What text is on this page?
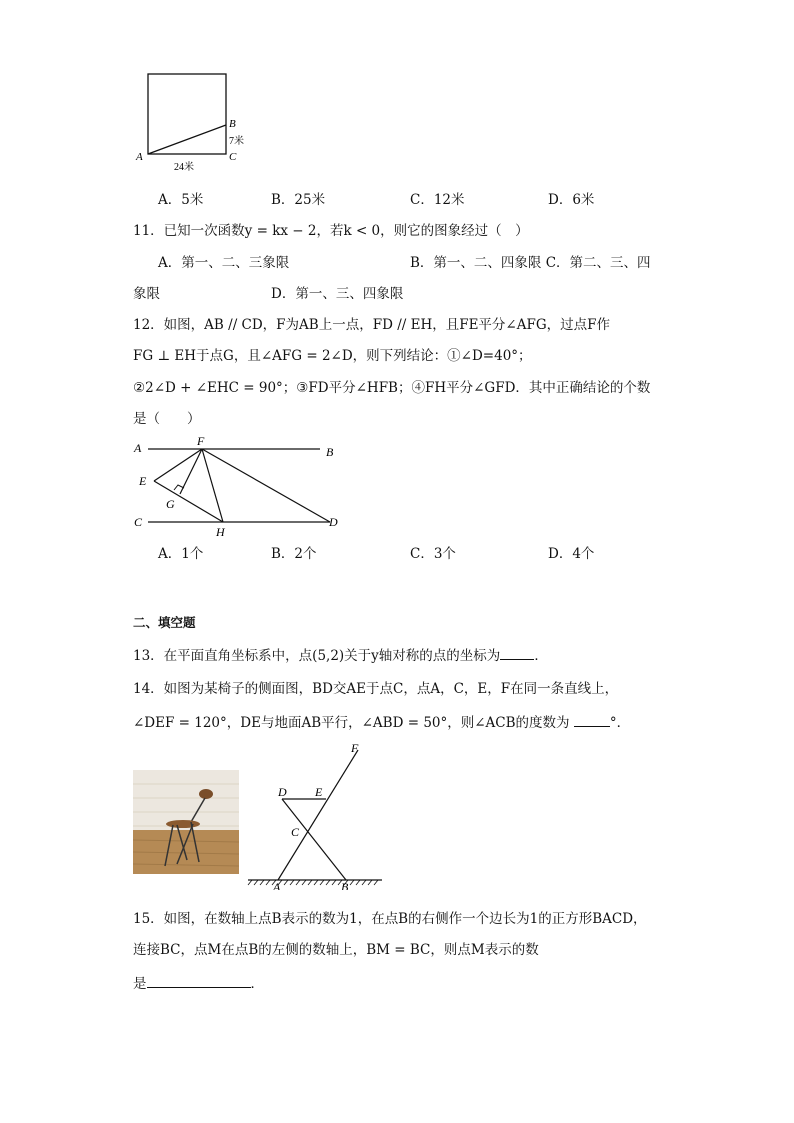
A
B
C
7米
24米
A．5米	B．25米	C．12米	D．6米
11．已知一次函数y = kx − 2，若k < 0，则它的图象经过（　）
A．第一、二、三象限	B．第一、二、四象限 C．第二、三、四
象限	D．第一、三、四象限
12．如图，AB // CD，F为AB上一点，FD // EH，且FE平分∠AFG，过点F作
FG ⊥ EH于点G，且∠AFG = 2∠D，则下列结论：①∠D=40°；
②2∠D + ∠EHC = 90°；③FD平分∠HFB；④FH平分∠GFD．其中正确结论的个数
是（　　）
A	F
B
E
G
C
H
D
A．1个	B．2个	C．3个	D．4个
二、填空题
13．在平面直角坐标系中，点(5,2)关于y轴对称的点的坐标为	．
14．如图为某椅子的侧面图，BD交AE于点C，点A，C，E，F在同一条直线上，
∠DEF = 120°，DE与地面AB平行，∠ABD = 50°，则∠ACB的度数为	°．
D E
F
C
A	B
15．如图，在数轴上点B表示的数为1，在点B的右侧作一个边长为1的正方形BACD，
连接BC，点M在点B的左侧的数轴上，BM = BC，则点M表示的数
是	．
